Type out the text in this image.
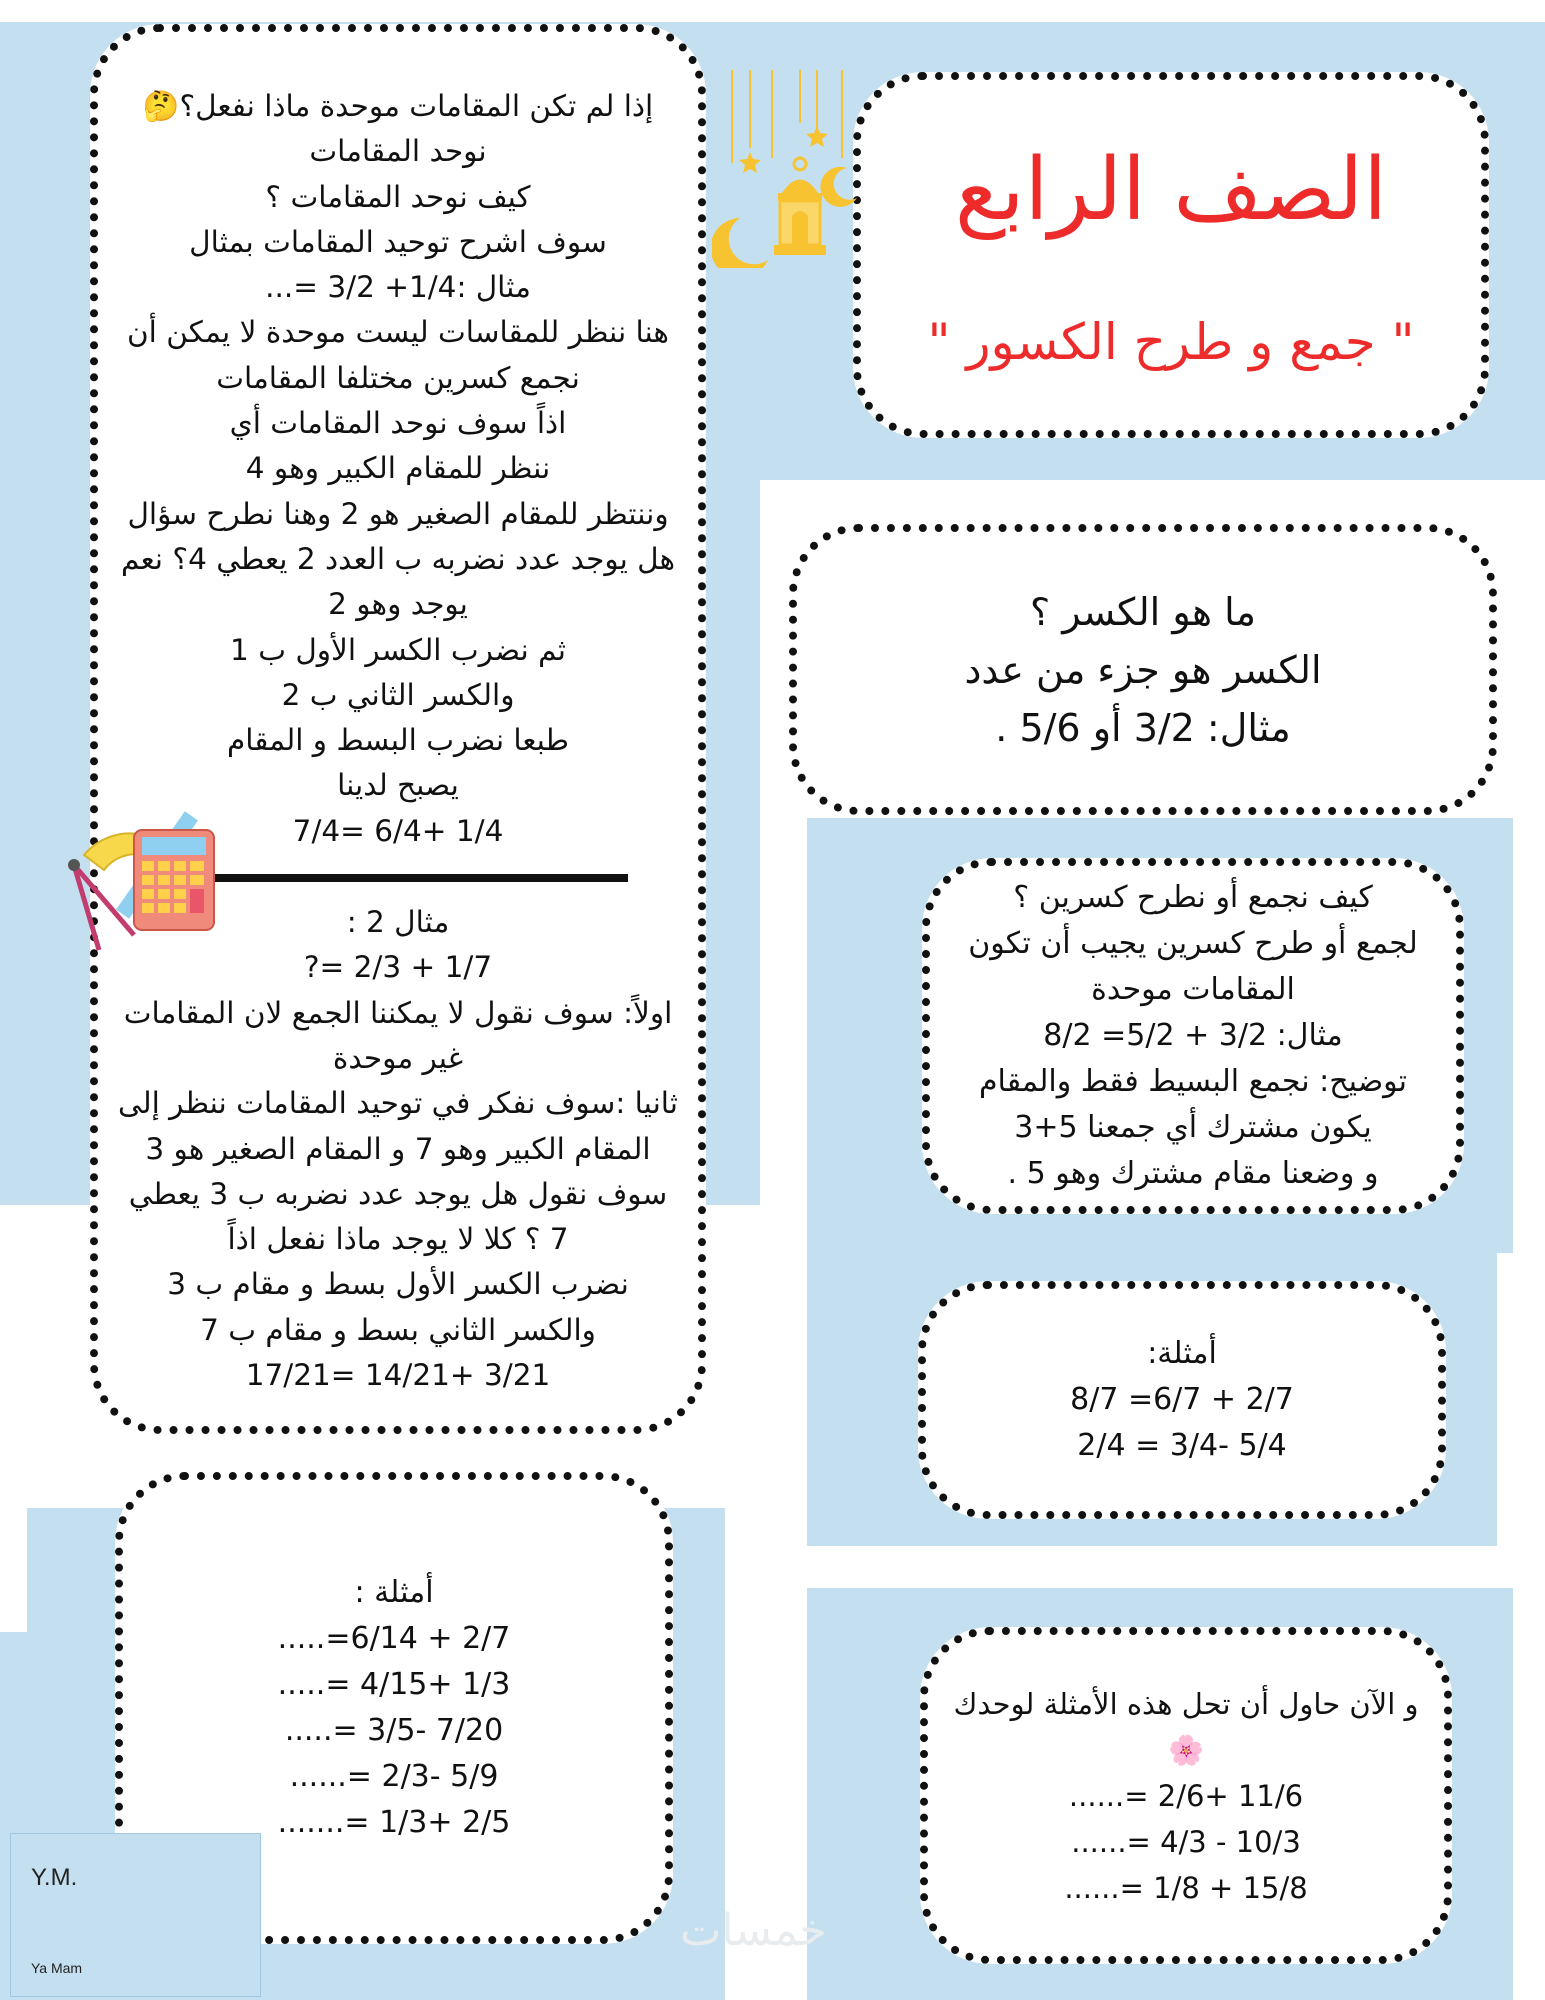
الصف الرابع
" جمع و طرح الكسور "
ما هو الكسر ؟
الكسر هو جزء من عدد
مثال: 3/2 أو 5/6 .
كيف نجمع أو نطرح كسرين ؟
لجمع أو طرح كسرين يجيب أن تكون
المقامات موحدة
مثال: 3/2 + 5/2= 8/2
توضيح: نجمع البسيط فقط والمقام
يكون مشترك أي جمعنا 5+3
و وضعنا مقام مشترك وهو 5 .
أمثلة:
2/7 + 6/7= 8/7
5/4 -3/4 = 2/4
و الآن حاول أن تحل هذه الأمثلة لوحدك
🌸
11/6 +2/6 =......
10/3 - 4/3 =......
15/8 + 1/8 =......
إذا لم تكن المقامات موحدة ماذا نفعل؟🤔
نوحد المقامات
كيف نوحد المقامات ؟
سوف اشرح توحيد المقامات بمثال
مثال :1/4+ 3/2 =...
هنا ننظر للمقاسات ليست موحدة لا يمكن أن
نجمع كسرين مختلفا المقامات
اذاً سوف نوحد المقامات أي
ننظر للمقام الكبير وهو 4
وننتظر للمقام الصغير هو 2 وهنا نطرح سؤال
هل يوجد عدد نضربه ب العدد 2 يعطي 4؟ نعم
يوجد وهو 2
ثم نضرب الكسر الأول ب 1
والكسر الثاني ب 2
طبعا نضرب البسط و المقام
يصبح لدينا
1/4 +6/4 =7/4
مثال 2 :
1/7 + 2/3 =?
اولاً: سوف نقول لا يمكننا الجمع لان المقامات
غير موحدة
ثانيا :سوف نفكر في توحيد المقامات ننظر إلى
المقام الكبير وهو 7 و المقام الصغير هو 3
سوف نقول هل يوجد عدد نضربه ب 3 يعطي
7 ؟ كلا لا يوجد ماذا نفعل اذاً
نضرب الكسر الأول بسط و مقام ب 3
والكسر الثاني بسط و مقام ب 7
3/21 +14/21 =17/21
أمثلة :
2/7 + 6/14=.....
1/3 +4/15 =.....
7/20 -3/5 =.....
5/9 -2/3 =......
2/5 +1/3 =.......
Y.M.
Ya Mam
خمسات
